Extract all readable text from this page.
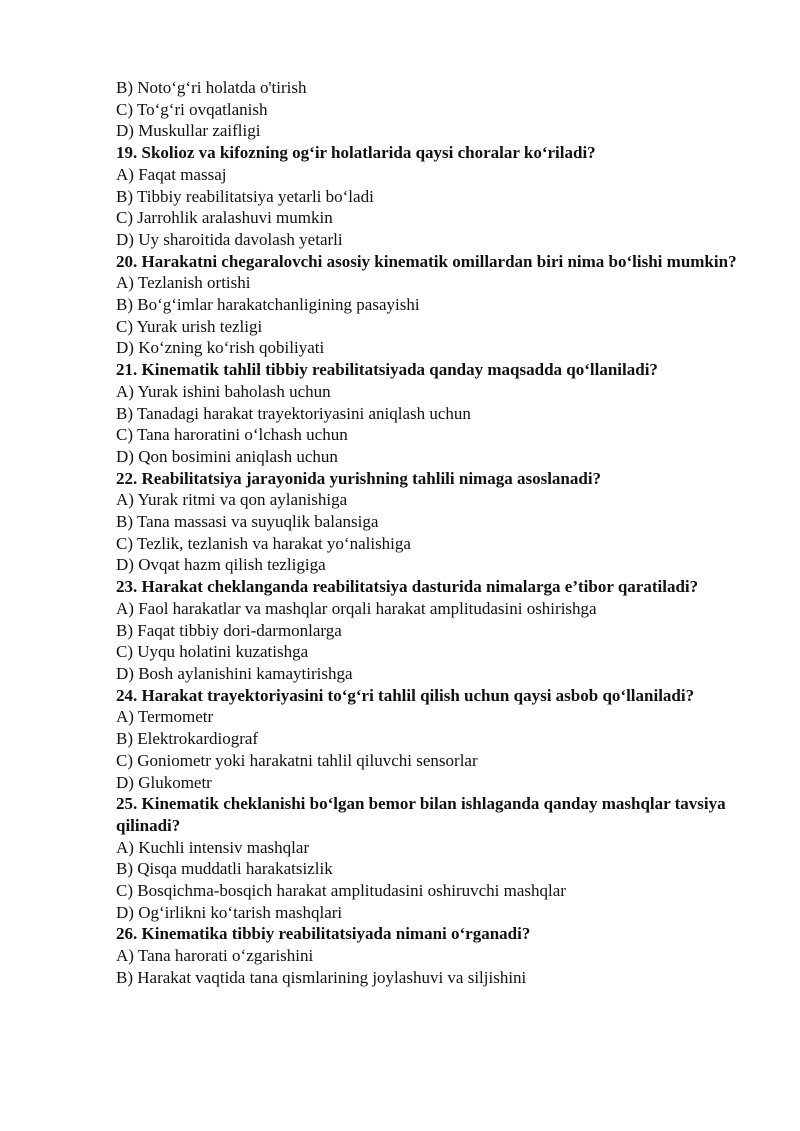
B) Noto‘g‘ri holatda o'tirish
C) To‘g‘ri ovqatlanish
D) Muskullar zaifligi
19. Skolioz va kifozning og‘ir holatlarida qaysi choralar ko‘riladi?
A) Faqat massaj
B) Tibbiy reabilitatsiya yetarli bo‘ladi
C) Jarrohlik aralashuvi mumkin
D) Uy sharoitida davolash yetarli
20. Harakatni chegaralovchi asosiy kinematik omillardan biri nima bo‘lishi mumkin?
A) Tezlanish ortishi
B) Bo‘g‘imlar harakatchanligining pasayishi
C) Yurak urish tezligi
D) Ko‘zning ko‘rish qobiliyati
21. Kinematik tahlil tibbiy reabilitatsiyada qanday maqsadda qo‘llaniladi?
A) Yurak ishini baholash uchun
B) Tanadagi harakat trayektoriyasini aniqlash uchun
C) Tana haroratini o‘lchash uchun
D) Qon bosimini aniqlash uchun
22. Reabilitatsiya jarayonida yurishning tahlili nimaga asoslanadi?
A) Yurak ritmi va qon aylanishiga
B) Tana massasi va suyuqlik balansiga
C) Tezlik, tezlanish va harakat yo‘nalishiga
D) Ovqat hazm qilish tezligiga
23. Harakat cheklanganda reabilitatsiya dasturida nimalarga e’tibor qaratiladi?
A) Faol harakatlar va mashqlar orqali harakat amplitudasini oshirishga
B) Faqat tibbiy dori-darmonlarga
C) Uyqu holatini kuzatishga
D) Bosh aylanishini kamaytirishga
24. Harakat trayektoriyasini to‘g‘ri tahlil qilish uchun qaysi asbob qo‘llaniladi?
A) Termometr
B) Elektrokardiograf
C) Goniometr yoki harakatni tahlil qiluvchi sensorlar
D) Glukometr
25. Kinematik cheklanishi bo‘lgan bemor bilan ishlaganda qanday mashqlar tavsiya qilinadi?
A) Kuchli intensiv mashqlar
B) Qisqa muddatli harakatsizlik
C) Bosqichma-bosqich harakat amplitudasini oshiruvchi mashqlar
D) Og‘irlikni ko‘tarish mashqlari
26. Kinematika tibbiy reabilitatsiyada nimani o‘rganadi?
A) Tana harorati o‘zgarishini
B) Harakat vaqtida tana qismlarining joylashuvi va siljishini
